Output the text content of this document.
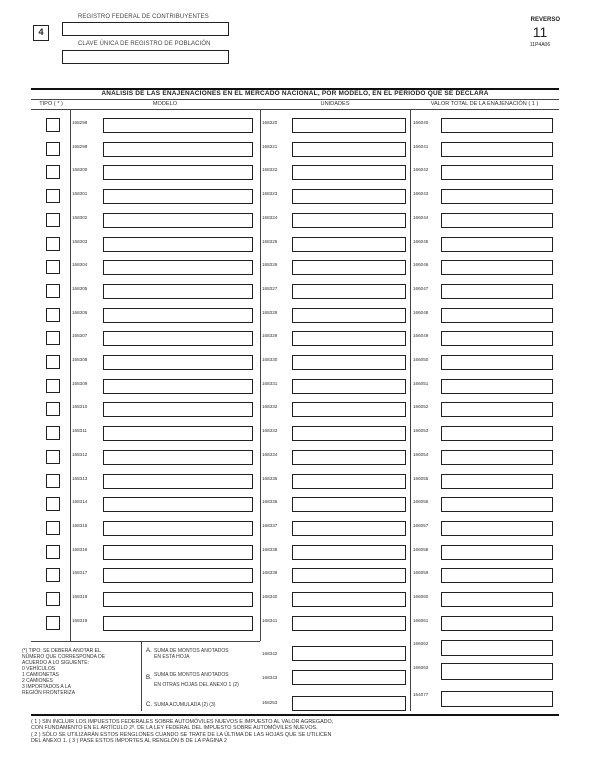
4
REGISTRO FEDERAL DE CONTRIBUYENTES
CLAVE ÚNICA DE REGISTRO DE POBLACIÓN
REVERSO
11
11P4A06
ANÁLISIS DE LAS ENAJENACIONES EN EL MERCADO NACIONAL, POR MODELO, EN EL PERIODO QUE SE DECLARA
TIPO ( * )	MODELO	UNIDADES	VALOR TOTAL DE LA ENAJENACIÓN ( 1 )
168298	168320	166040
168299	168321	166041
168300	168322	166042
168301	168323	166043
168302	168324	166044
168303	168325	166045
168304	168326	166046
168305	168327	166047
168306	168328	166048
168307	168329	166049
168308	168330	166050
168309	168331	166051
168310	168332	166052
168311	168333	166053
168312	168334	166054
168313	168335	166055
168314	168336	166056
168315	168337	166057
168316	168338	166058
168317	168339	166059
168318	168340	166060
168319	168341	166061
(*) TIPO: SE DEBERÁ ANOTAR EL
NÚMERO QUE CORRESPONDA DE
ACUERDO A LO SIGUIENTE:
0 VEHÍCULOS
1 CAMIONETAS
2 CAMIONES
3 IMPORTADOS A LA
REGIÓN FRONTERIZA
A. SUMA DE MONTOS ANOTADOS
EN ESTA HOJA
168342
166062
B. SUMA DE MONTOS ANOTADOS
EN OTRAS HOJAS DEL ANEXO 1 (2)
168343
166063
C. SUMA ACUMULADA (2) (3)	168253
164077
( 1 ) SIN INCLUIR LOS IMPUESTOS FEDERALES SOBRE AUTOMÓVILES NUEVOS E IMPUESTO AL VALOR AGREGADO,
CON FUNDAMENTO EN EL ARTÍCULO 2º. DE LA LEY FEDERAL DEL IMPUESTO SOBRE AUTOMÓVILES NUEVOS.
( 2 ) SÓLO SE UTILIZARÁN ESTOS RENGLONES CUANDO SE TRATE DE LA ÚLTIMA DE LAS HOJAS QUE SE UTILICEN
DEL ANEXO 1. ( 3 ) PASE ESTOS IMPORTES AL RENGLÓN B DE LA PÁGINA 2
